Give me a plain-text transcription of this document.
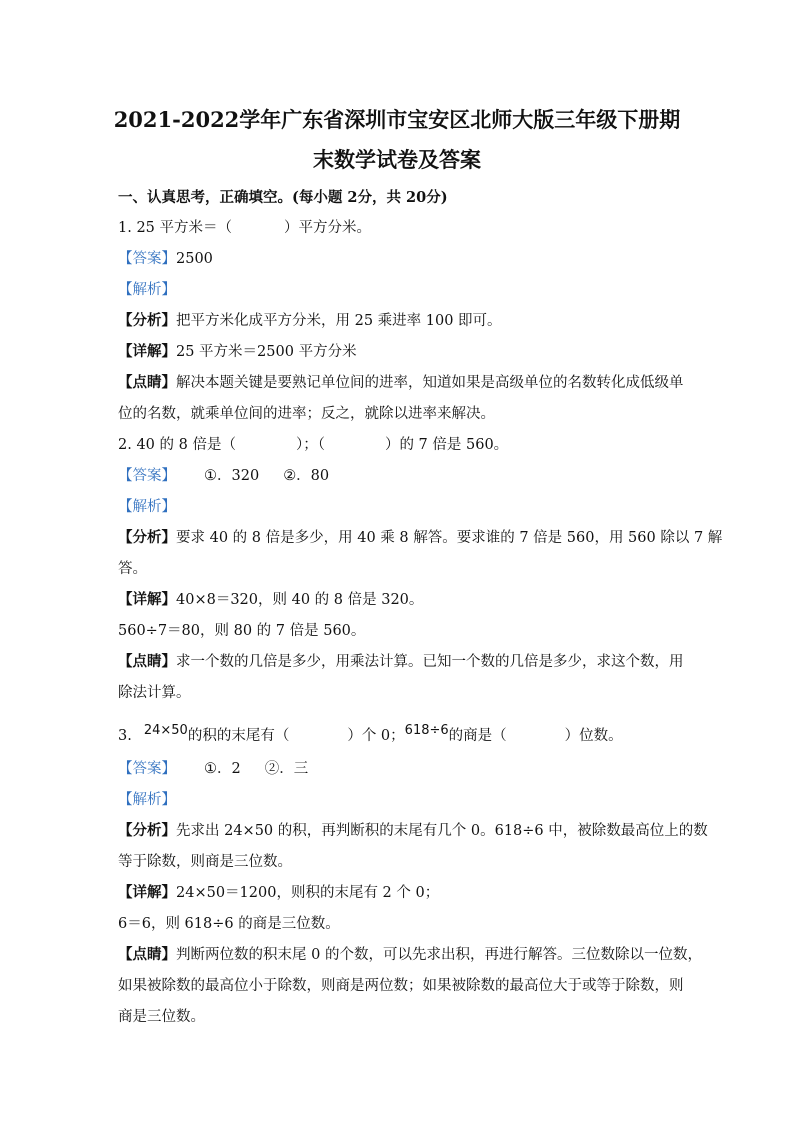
2021-2022学年广东省深圳市宝安区北师大版三年级下册期
末数学试卷及答案
一、认真思考，正确填空。(每小题 2分，共 20分)
1. 25 平方米＝（	）平方分米。
【答案】2500
【解析】
【分析】把平方米化成平方分米，用 25 乘进率 100 即可。
【详解】25 平方米＝2500 平方分米
【点睛】解决本题关键是要熟记单位间的进率，知道如果是高级单位的名数转化成低级单
位的名数，就乘单位间的进率；反之，就除以进率来解决。
2. 40 的 8 倍是（	）；（	）的 7 倍是 560。
【答案】 ①．320 ②．80
【解析】
【分析】要求 40 的 8 倍是多少，用 40 乘 8 解答。要求谁的 7 倍是 560，用 560 除以 7 解
答。
【详解】40×8＝320，则 40 的 8 倍是 320。
560÷7＝80，则 80 的 7 倍是 560。
【点睛】求一个数的几倍是多少，用乘法计算。已知一个数的几倍是多少，求这个数，用
除法计算。
3. 24×50的积的末尾有（	）个 0；618÷6的商是（	）位数。
【答案】 ①．2 ②．三
【解析】
【分析】先求出 24×50 的积，再判断积的末尾有几个 0。618÷6 中，被除数最高位上的数
等于除数，则商是三位数。
【详解】24×50＝1200，则积的末尾有 2 个 0；
6＝6，则 618÷6 的商是三位数。
【点睛】判断两位数的积末尾 0 的个数，可以先求出积，再进行解答。三位数除以一位数，
如果被除数的最高位小于除数，则商是两位数；如果被除数的最高位大于或等于除数，则
商是三位数。
